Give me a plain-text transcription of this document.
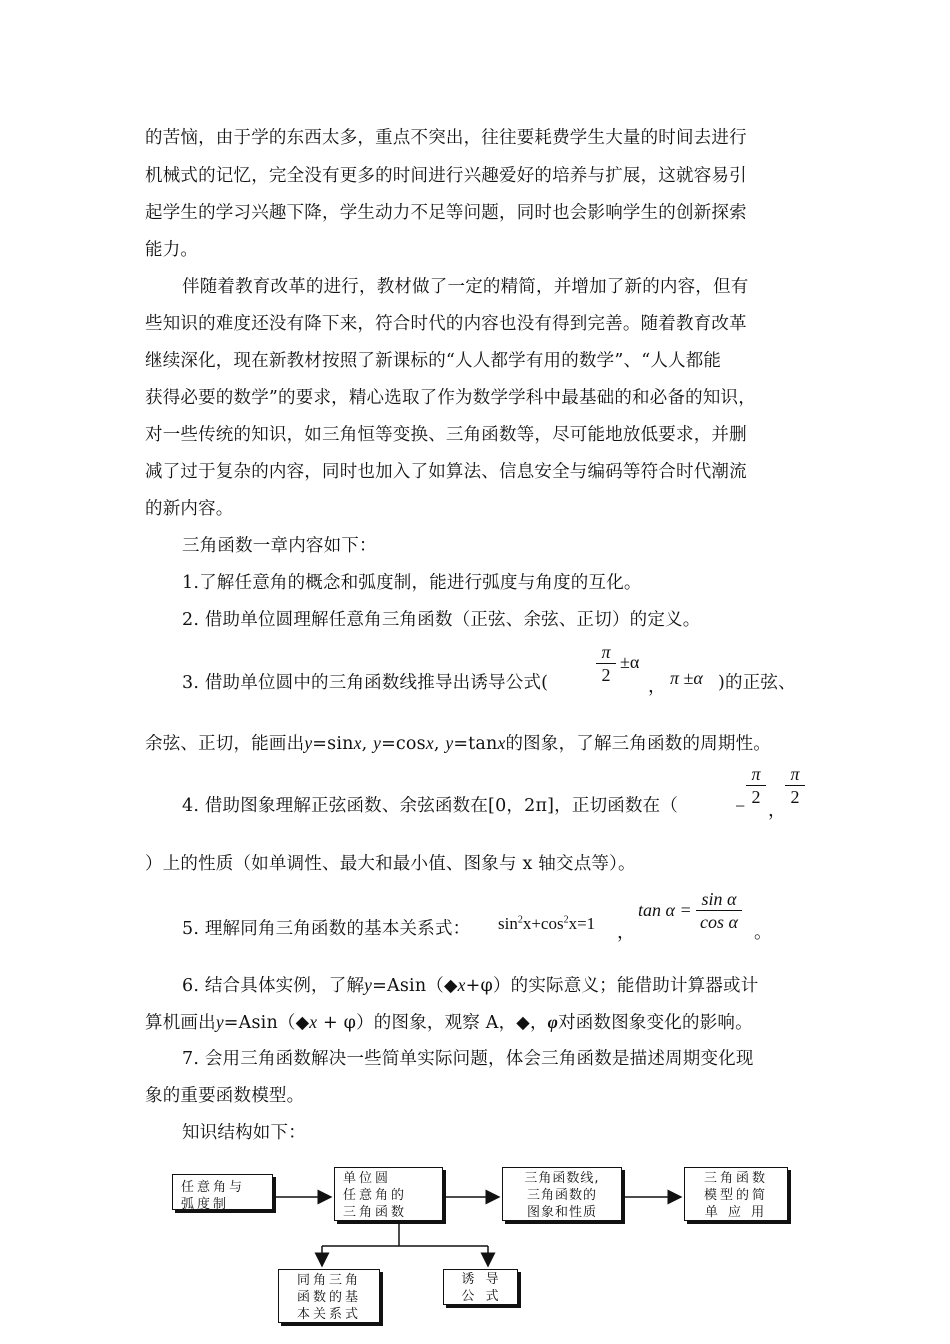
的苦恼，由于学的东西太多，重点不突出，往往要耗费学生大量的时间去进行
机械式的记忆，完全没有更多的时间进行兴趣爱好的培养与扩展，这就容易引
起学生的学习兴趣下降，学生动力不足等问题，同时也会影响学生的创新探索
能力。
伴随着教育改革的进行，教材做了一定的精简，并增加了新的内容，但有
些知识的难度还没有降下来，符合时代的内容也没有得到完善。随着教育改革
继续深化，现在新教材按照了新课标的“人人都学有用的数学”、“人人都能
获得必要的数学”的要求，精心选取了作为数学学科中最基础的和必备的知识，
对一些传统的知识，如三角恒等变换、三角函数等，尽可能地放低要求，并删
减了过于复杂的内容，同时也加入了如算法、信息安全与编码等符合时代潮流
的新内容。
三角函数一章内容如下：
1.了解任意角的概念和弧度制，能进行弧度与角度的互化。
2. 借助单位圆理解任意角三角函数（正弦、余弦、正切）的定义。
3. 借助单位圆中的三角函数线推导出诱导公式(
π
2
±α
， π ±α )的正弦、
余弦、正切，能画出y=sinx, y=cosx, y=tanx的图象，了解三角函数的周期性。
4. 借助图象理解正弦函数、余弦函数在[0，2π]，正切函数在（	−
π
2
，
π
2
）上的性质（如单调性、最大和最小值、图象与 x 轴交点等）。
5. 理解同角三角函数的基本关系式： $\sin^2x+\cos^2x=1$ ，
tan α =
sin α
cos α 。
6. 结合具体实例，了解y=Asin（◆x+φ）的实际意义；能借助计算器或计
算机画出y=Asin（◆x + φ）的图象，观察 A，◆，φ对函数图象变化的影响。
7. 会用三角函数解决一些简单实际问题，体会三角函数是描述周期变化现
象的重要函数模型。
知识结构如下：
任意角与
弧度制
单位圆
任意角的
三角函数
三角函数线,
三角函数的
图象和性质
三角函数
模型的简
单 应 用
同角三角
函数的基
本关系式
诱  导
公  式
